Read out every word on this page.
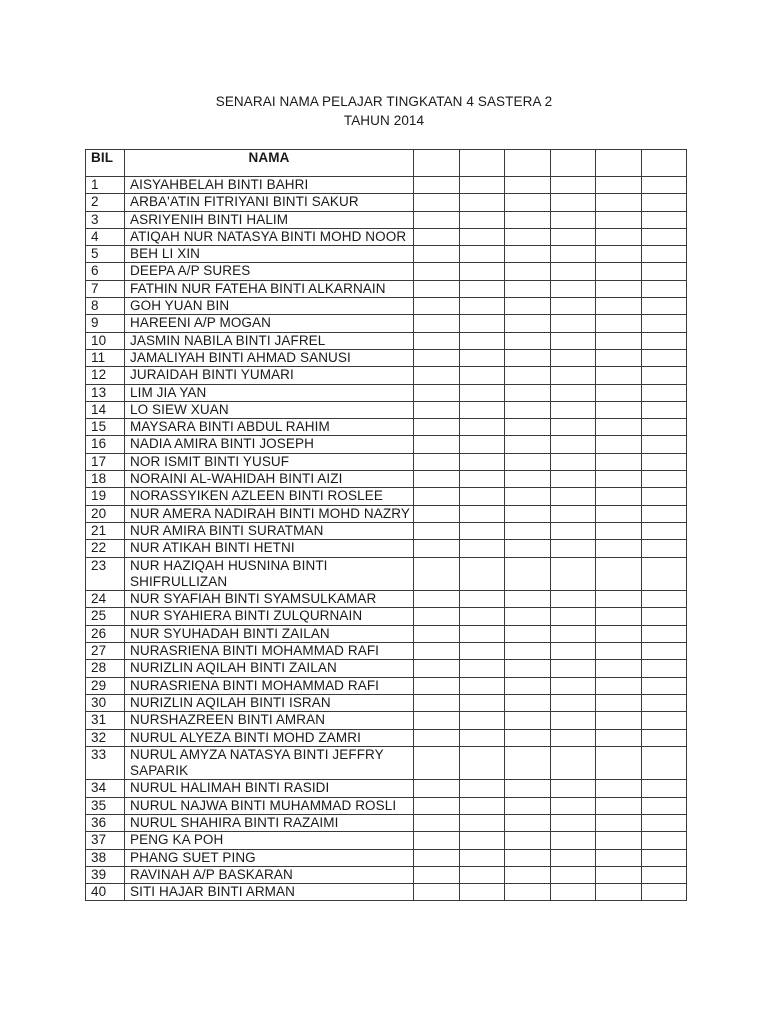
SENARAI NAMA PELAJAR TINGKATAN 4 SASTERA 2
TAHUN 2014
BIL	NAMA						
1	AISYAHBELAH BINTI BAHRI						
2	ARBA'ATIN FITRIYANI BINTI SAKUR						
3	ASRIYENIH BINTI HALIM						
4	ATIQAH NUR NATASYA BINTI MOHD NOOR						
5	BEH LI XIN						
6	DEEPA A/P SURES						
7	FATHIN NUR FATEHA BINTI ALKARNAIN						
8	GOH YUAN BIN						
9	HAREENI A/P MOGAN						
10	JASMIN NABILA BINTI JAFREL						
11	JAMALIYAH BINTI AHMAD SANUSI						
12	JURAIDAH BINTI YUMARI						
13	LIM JIA YAN						
14	LO SIEW XUAN						
15	MAYSARA BINTI ABDUL RAHIM						
16	NADIA AMIRA BINTI JOSEPH						
17	NOR ISMIT BINTI YUSUF						
18	NORAINI AL-WAHIDAH BINTI AIZI						
19	NORASSYIKEN AZLEEN BINTI ROSLEE						
20	NUR AMERA NADIRAH BINTI MOHD NAZRY						
21	NUR AMIRA BINTI SURATMAN						
22	NUR ATIKAH BINTI HETNI						
23	NUR HAZIQAH HUSNINA BINTI SHIFRULLIZAN						
24	NUR SYAFIAH BINTI SYAMSULKAMAR						
25	NUR SYAHIERA BINTI ZULQURNAIN						
26	NUR SYUHADAH BINTI ZAILAN						
27	NURASRIENA BINTI MOHAMMAD RAFI						
28	NURIZLIN AQILAH BINTI ZAILAN						
29	NURASRIENA BINTI MOHAMMAD RAFI						
30	NURIZLIN AQILAH BINTI ISRAN						
31	NURSHAZREEN BINTI AMRAN						
32	NURUL ALYEZA BINTI MOHD ZAMRI						
33	NURUL AMYZA NATASYA BINTI JEFFRY SAPARIK						
34	NURUL HALIMAH BINTI RASIDI						
35	NURUL NAJWA BINTI MUHAMMAD ROSLI						
36	NURUL SHAHIRA BINTI RAZAIMI						
37	PENG KA POH						
38	PHANG SUET PING						
39	RAVINAH A/P BASKARAN						
40	SITI HAJAR BINTI ARMAN						
